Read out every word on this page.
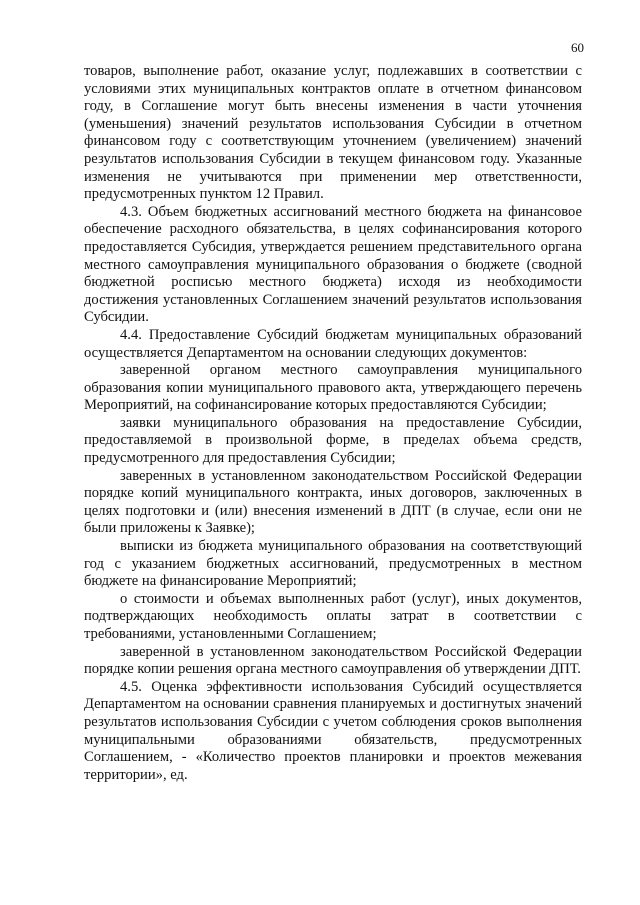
60

товаров, выполнение работ, оказание услуг, подлежавших в соответствии с условиями этих муниципальных контрактов оплате в отчетном финансовом году, в Соглашение могут быть внесены изменения в части уточнения (уменьшения) значений результатов использования Субсидии в отчетном финансовом году с соответствующим уточнением (увеличением) значений результатов использования Субсидии в текущем финансовом году. Указанные изменения не учитываются при применении мер ответственности, предусмотренных пунктом 12 Правил.

4.3. Объем бюджетных ассигнований местного бюджета на финансовое обеспечение расходного обязательства, в целях софинансирования которого предоставляется Субсидия, утверждается решением представительного органа местного самоуправления муниципального образования о бюджете (сводной бюджетной росписью местного бюджета) исходя из необходимости достижения установленных Соглашением значений результатов использования Субсидии.

4.4. Предоставление Субсидий бюджетам муниципальных образований осуществляется Департаментом на основании следующих документов:

заверенной органом местного самоуправления муниципального образования копии муниципального правового акта, утверждающего перечень Мероприятий, на софинансирование которых предоставляются Субсидии;

заявки муниципального образования на предоставление Субсидии, предоставляемой в произвольной форме, в пределах объема средств, предусмотренного для предоставления Субсидии;

заверенных в установленном законодательством Российской Федерации порядке копий муниципального контракта, иных договоров, заключенных в целях подготовки и (или) внесения изменений в ДПТ (в случае, если они не были приложены к Заявке);

выписки из бюджета муниципального образования на соответствующий год с указанием бюджетных ассигнований, предусмотренных в местном бюджете на финансирование Мероприятий;

о стоимости и объемах выполненных работ (услуг), иных документов, подтверждающих необходимость оплаты затрат в соответствии с требованиями, установленными Соглашением;

заверенной в установленном законодательством Российской Федерации порядке копии решения органа местного самоуправления об утверждении ДПТ.

4.5. Оценка эффективности использования Субсидий осуществляется Департаментом на основании сравнения планируемых и достигнутых значений результатов использования Субсидии с учетом соблюдения сроков выполнения муниципальными образованиями обязательств, предусмотренных Соглашением, - «Количество проектов планировки и проектов межевания территории», ед.
